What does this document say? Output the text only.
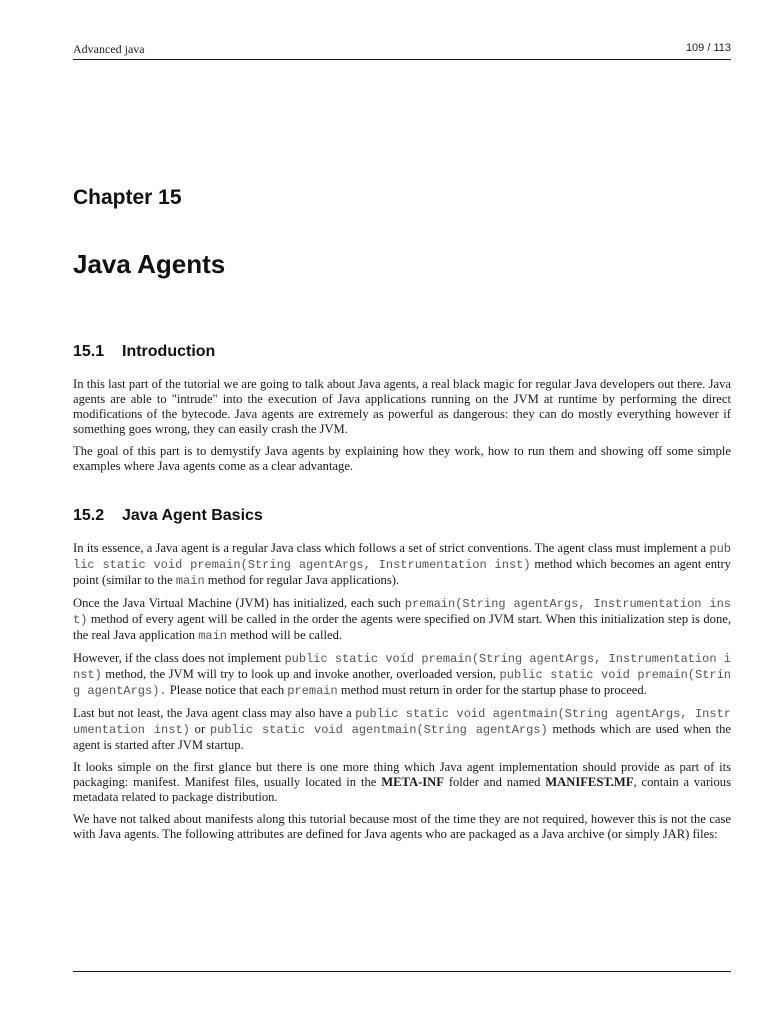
Advanced java	109 / 113
Chapter 15
Java Agents
15.1 Introduction

In this last part of the tutorial we are going to talk about Java agents, a real black magic for regular Java developers out there. Java agents are able to "intrude" into the execution of Java applications running on the JVM at runtime by performing the direct modifications of the bytecode. Java agents are extremely as powerful as dangerous: they can do mostly everything however if something goes wrong, they can easily crash the JVM.

The goal of this part is to demystify Java agents by explaining how they work, how to run them and showing off some simple examples where Java agents come as a clear advantage.

15.2 Java Agent Basics

In its essence, a Java agent is a regular Java class which follows a set of strict conventions. The agent class must implement a public static void premain(String agentArgs, Instrumentation inst) method which becomes an agent entry point (similar to the main method for regular Java applications).

Once the Java Virtual Machine (JVM) has initialized, each such premain(String agentArgs, Instrumentation inst) method of every agent will be called in the order the agents were specified on JVM start. When this initialization step is done, the real Java application main method will be called.

However, if the class does not implement public static void premain(String agentArgs, Instrumentation inst) method, the JVM will try to look up and invoke another, overloaded version, public static void premain(String agentArgs). Please notice that each premain method must return in order for the startup phase to proceed.

Last but not least, the Java agent class may also have a public static void agentmain(String agentArgs, Instrumentation inst) or public static void agentmain(String agentArgs) methods which are used when the agent is started after JVM startup.

It looks simple on the first glance but there is one more thing which Java agent implementation should provide as part of its packaging: manifest. Manifest files, usually located in the META-INF folder and named MANIFEST.MF, contain a various metadata related to package distribution.

We have not talked about manifests along this tutorial because most of the time they are not required, however this is not the case with Java agents. The following attributes are defined for Java agents who are packaged as a Java archive (or simply JAR) files:
